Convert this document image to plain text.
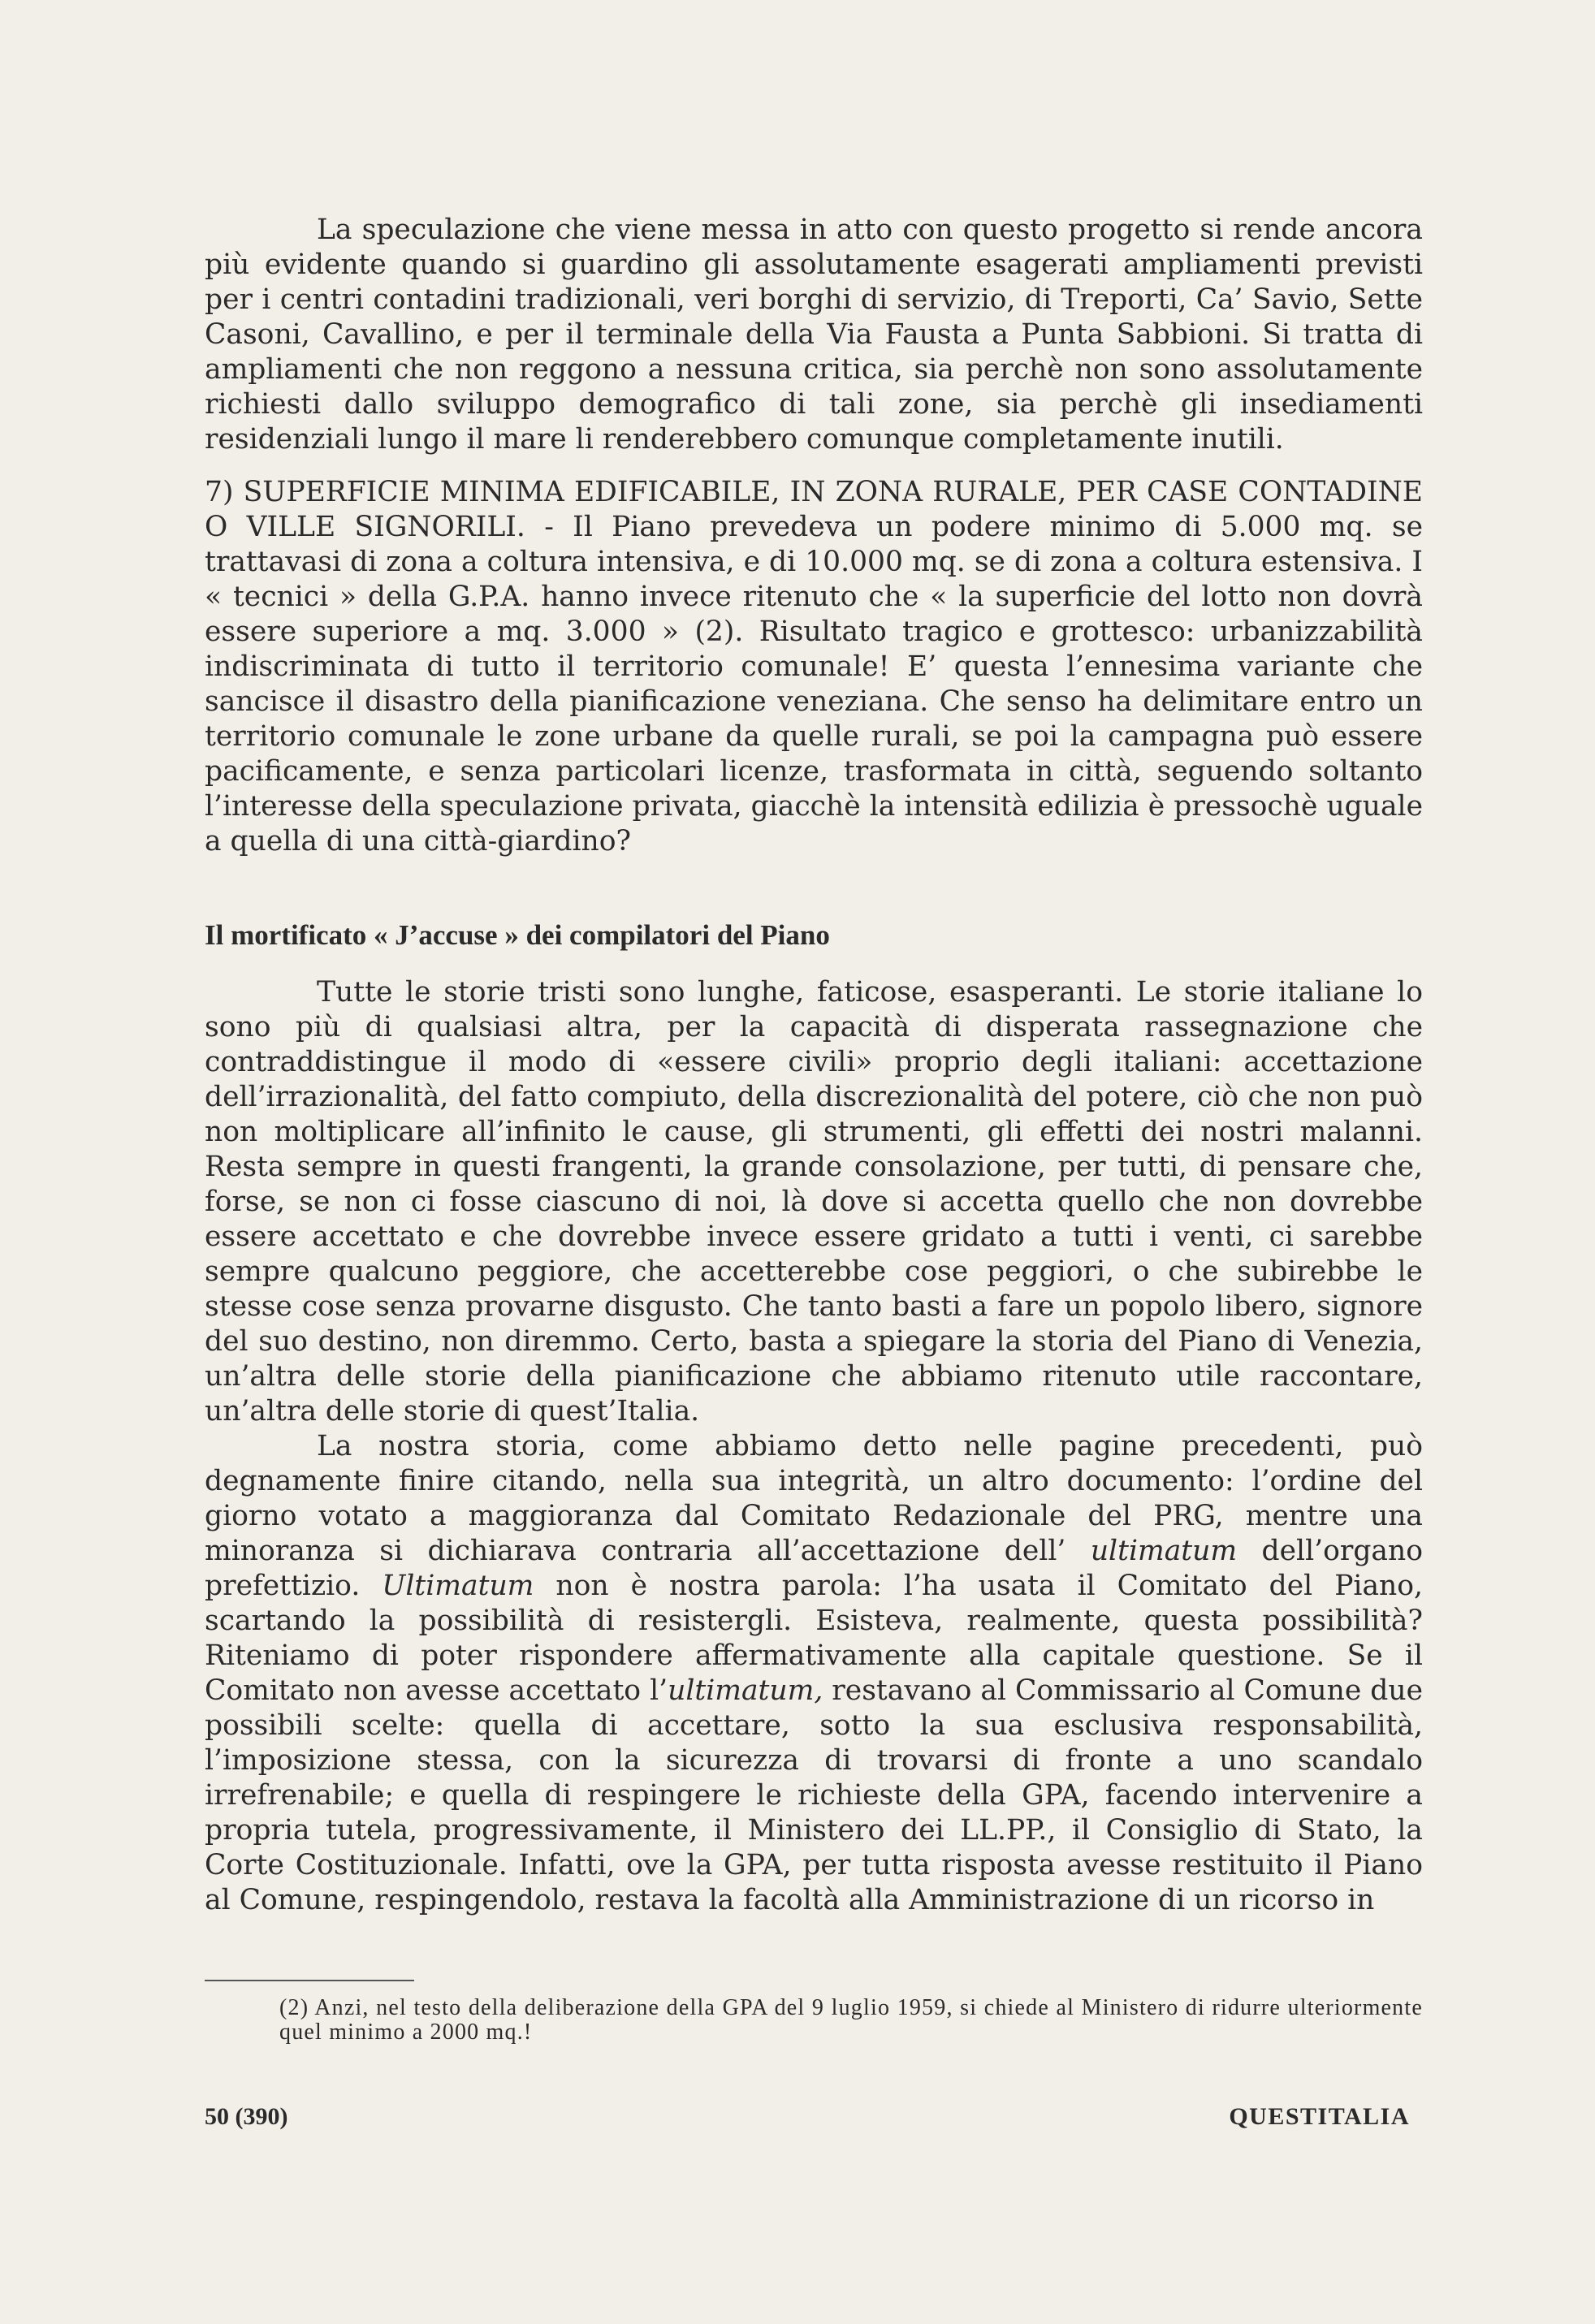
La speculazione che viene messa in atto con questo progetto si rende ancora più evidente quando si guardino gli assolutamente esagerati ampliamenti previsti per i centri contadini tradizionali, veri borghi di servizio, di Treporti, Ca’ Savio, Sette Casoni, Cavallino, e per il terminale della Via Fausta a Punta Sabbioni. Si tratta di ampliamenti che non reggono a nessuna critica, sia perchè non sono assolutamente richiesti dallo sviluppo demografico di tali zone, sia perchè gli insediamenti residenziali lungo il mare li renderebbero comunque completamente inutili.

7) SUPERFICIE MINIMA EDIFICABILE, IN ZONA RURALE, PER CASE CONTADINE O VILLE SIGNORILI. - Il Piano prevedeva un podere minimo di 5.000 mq. se trattavasi di zona a coltura intensiva, e di 10.000 mq. se di zona a coltura estensiva. I « tecnici » della G.P.A. hanno invece ritenuto che « la superficie del lotto non dovrà essere superiore a mq. 3.000 » (2). Risultato tragico e grottesco: urbanizzabilità indiscriminata di tutto il territorio comunale! E’ questa l’ennesima variante che sancisce il disastro della pianificazione veneziana. Che senso ha delimitare entro un territorio comunale le zone urbane da quelle rurali, se poi la campagna può essere pacificamente, e senza particolari licenze, trasformata in città, seguendo soltanto l’interesse della speculazione privata, giacchè la intensità edilizia è pressochè uguale a quella di una città-giardino?

Il mortificato « J’accuse » dei compilatori del Piano

Tutte le storie tristi sono lunghe, faticose, esasperanti. Le storie italiane lo sono più di qualsiasi altra, per la capacità di disperata rassegnazione che contraddistingue il modo di «essere civili» proprio degli italiani: accettazione dell’irrazionalità, del fatto compiuto, della discrezionalità del potere, ciò che non può non moltiplicare all’infinito le cause, gli strumenti, gli effetti dei nostri malanni. Resta sempre in questi frangenti, la grande consolazione, per tutti, di pensare che, forse, se non ci fosse ciascuno di noi, là dove si accetta quello che non dovrebbe essere accettato e che dovrebbe invece essere gridato a tutti i venti, ci sarebbe sempre qualcuno peggiore, che accetterebbe cose peggiori, o che subirebbe le stesse cose senza provarne disgusto. Che tanto basti a fare un popolo libero, signore del suo destino, non diremmo. Certo, basta a spiegare la storia del Piano di Venezia, un’altra delle storie della pianificazione che abbiamo ritenuto utile raccontare, un’altra delle storie di quest’Italia.

La nostra storia, come abbiamo detto nelle pagine precedenti, può degnamente finire citando, nella sua integrità, un altro documento: l’ordine del giorno votato a maggioranza dal Comitato Redazionale del PRG, mentre una minoranza si dichiarava contraria all’accettazione dell’ ultimatum dell’organo prefettizio. Ultimatum non è nostra parola: l’ha usata il Comitato del Piano, scartando la possibilità di resistergli. Esisteva, realmente, questa possibilità? Riteniamo di poter rispondere affermativamente alla capitale questione. Se il Comitato non avesse accettato l’ultimatum, restavano al Commissario al Comune due possibili scelte: quella di accettare, sotto la sua esclusiva responsabilità, l’imposizione stessa, con la sicurezza di trovarsi di fronte a uno scandalo irrefrenabile; e quella di respingere le richieste della GPA, facendo intervenire a propria tutela, progressivamente, il Ministero dei LL.PP., il Consiglio di Stato, la Corte Costituzionale. Infatti, ove la GPA, per tutta risposta avesse restituito il Piano al Comune, respingendolo, restava la facoltà alla Amministrazione di un ricorso in

(2) Anzi, nel testo della deliberazione della GPA del 9 luglio 1959, si chiede al Ministero di ridurre ulteriormente quel minimo a 2000 mq.!
50 (390)	QUESTITALIA
